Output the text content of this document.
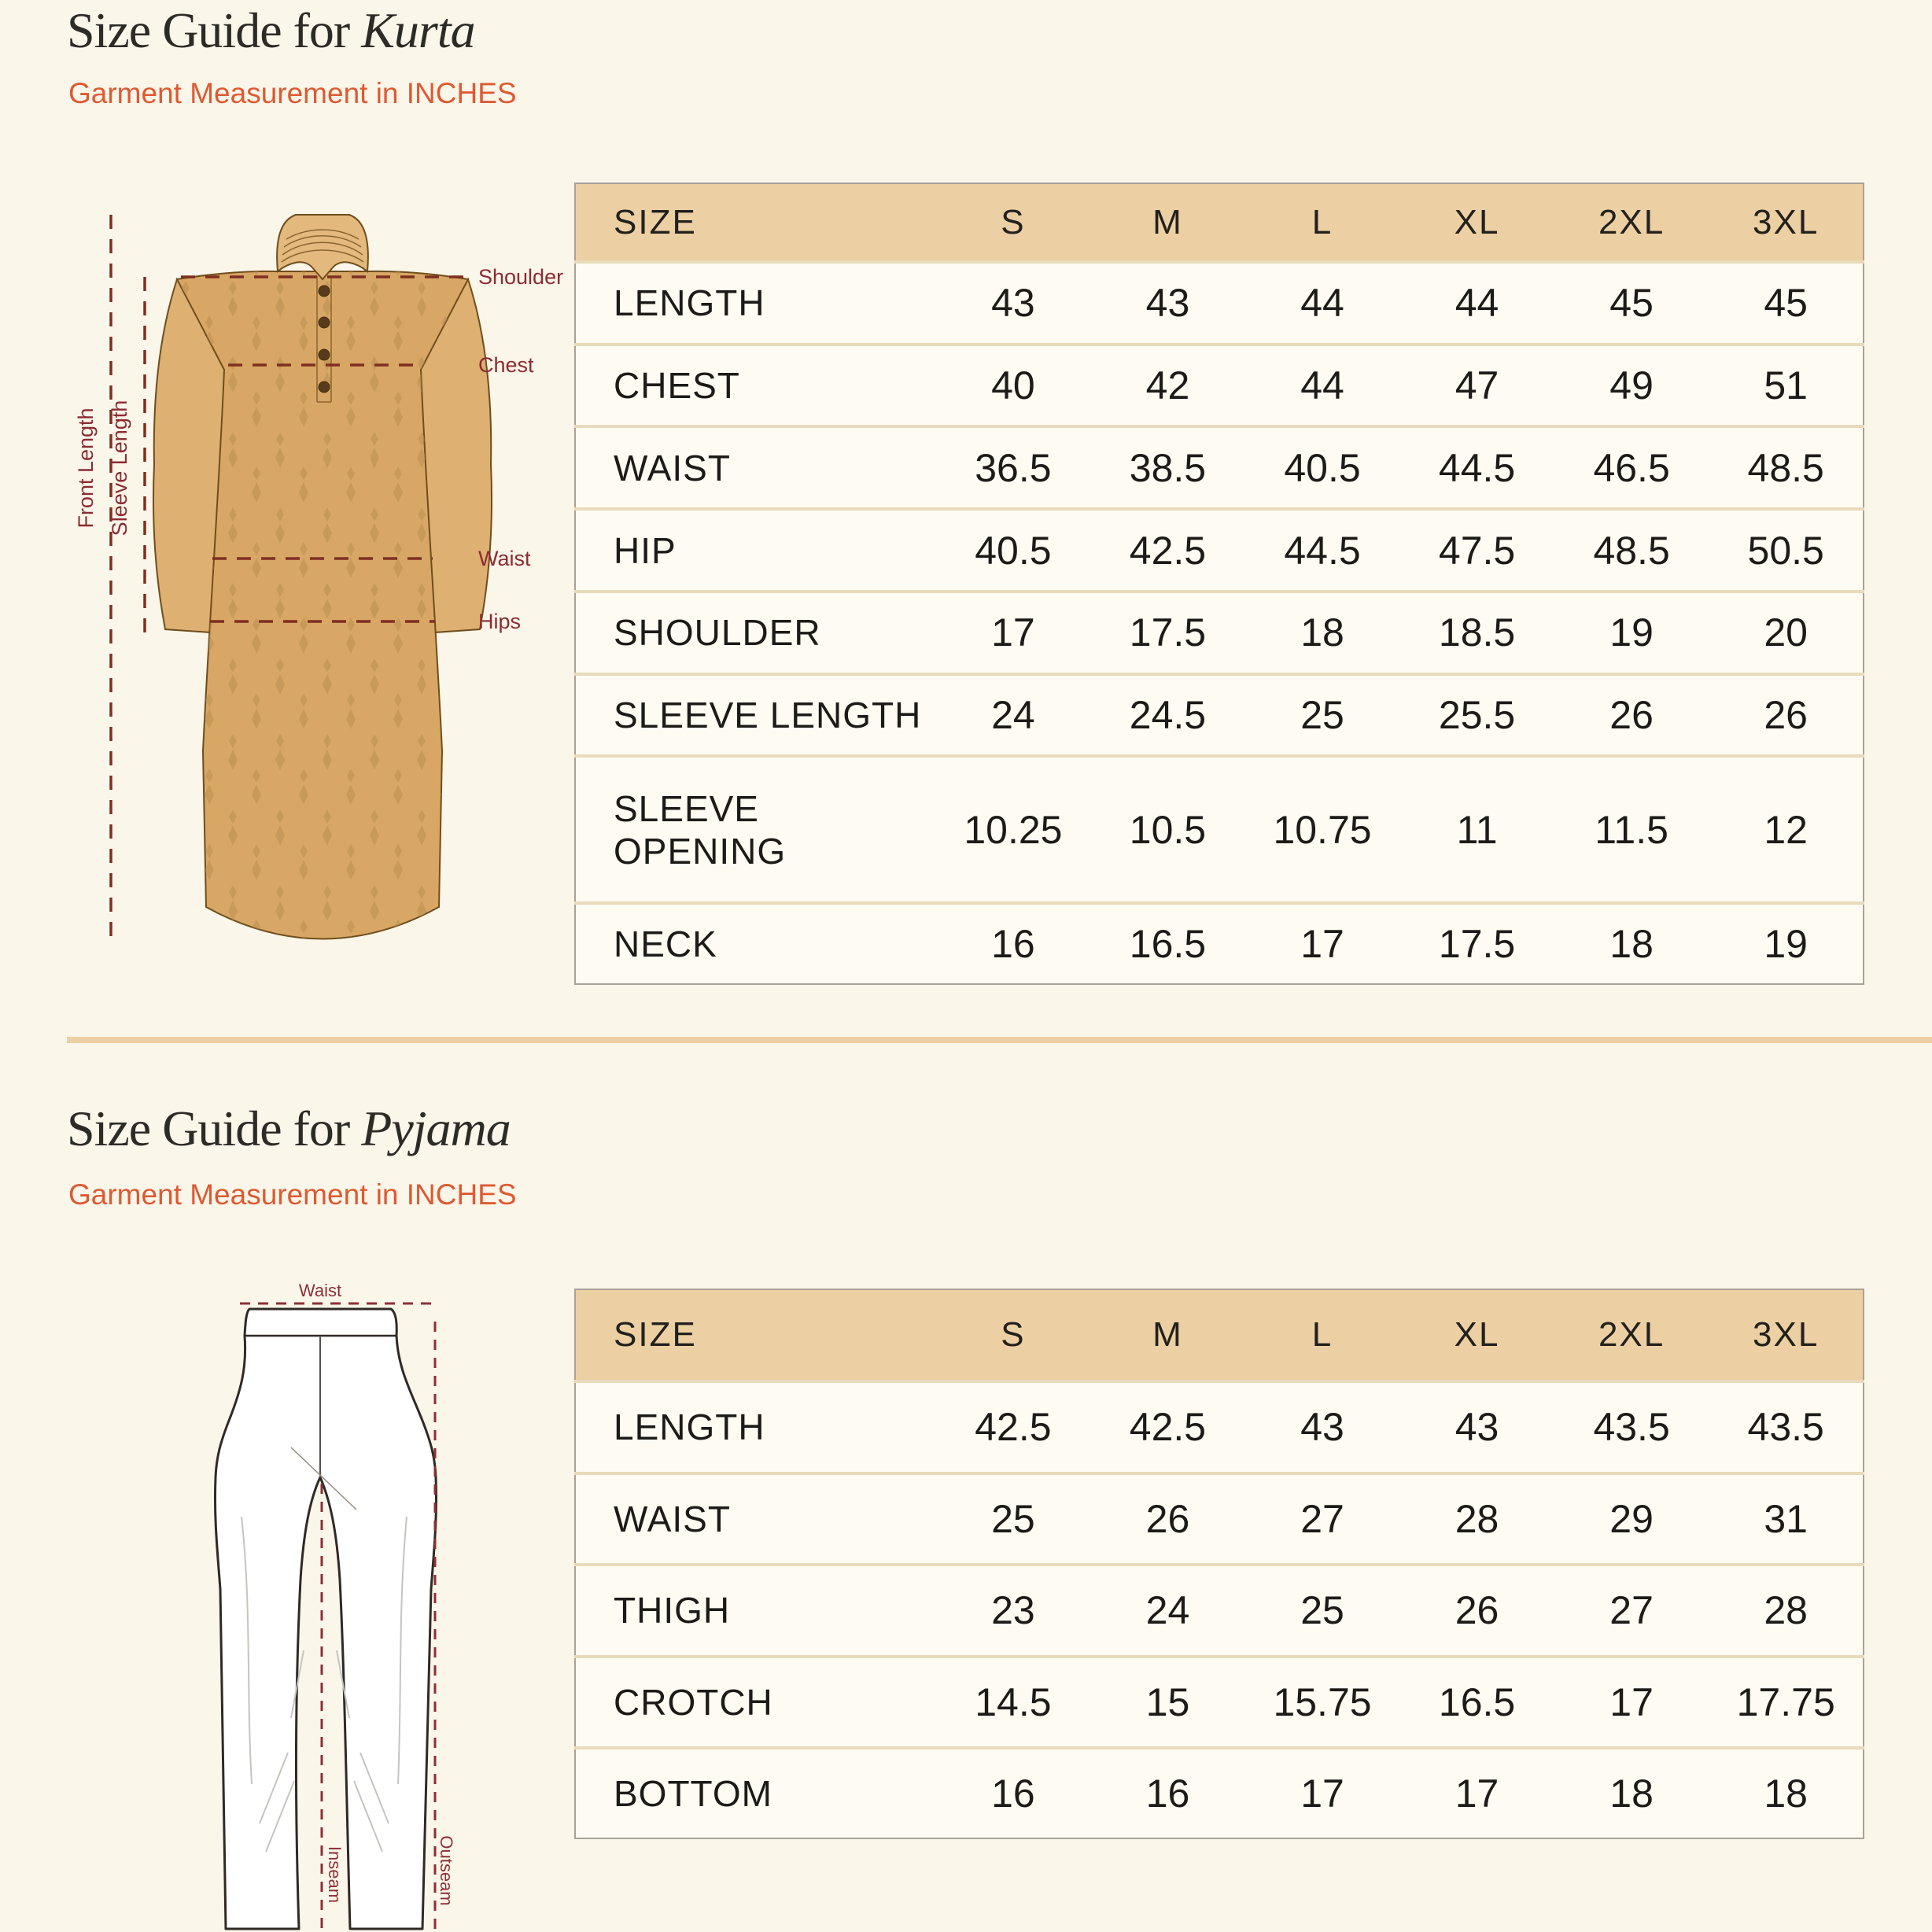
Size Guide for Kurta
Garment Measurement in INCHES
Shoulder
Chest
Waist
Hips
Front Length Sleeve Length
SIZE	S	M	L	XL	2XL	3XL
LENGTH	43	43	44	44	45	45
CHEST	40	42	44	47	49	51
WAIST	36.5	38.5	40.5	44.5	46.5	48.5
HIP	40.5	42.5	44.5	47.5	48.5	50.5
SHOULDER	17	17.5	18	18.5	19	20
SLEEVE LENGTH	24	24.5	25	25.5	26	26
SLEEVE OPENING	10.25	10.5	10.75	11	11.5	12
NECK	16	16.5	17	17.5	18	19
Size Guide for Pyjama
Garment Measurement in INCHES
Waist
Inseam	Outseam
SIZE	S	M	L	XL	2XL	3XL
LENGTH	42.5	42.5	43	43	43.5	43.5
WAIST	25	26	27	28	29	31
THIGH	23	24	25	26	27	28
CROTCH	14.5	15	15.75	16.5	17	17.75
BOTTOM	16	16	17	17	18	18
